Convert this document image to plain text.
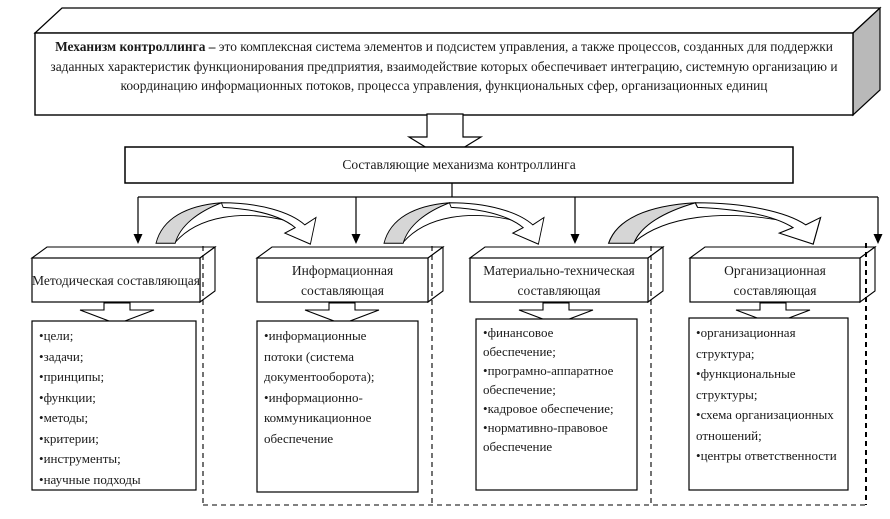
Механизм контроллинга – это комплексная система элементов и подсистем управления, а также процессов, созданных для поддержки заданных характеристик функционирования предприятия, взаимодействие которых обеспечивает интеграцию, системную организацию и координацию информационных потоков, процесса управления, функциональных сфер, организационных единиц
Составляющие механизма контроллинга
Методическая составляющая
Информационная составляющая
Материально-техническая составляющая
Организационная составляющая
• цели;
• задачи;
• принципы;
• функции;
• методы;
• критерии;
• инструменты;
• научные подходы
• информационные потоки (система документооборота);
• информационно-коммуникационное обеспечение
• финансовое обеспечение;
• програмно-аппаратное обеспечение;
• кадровое обеспечение;
• нормативно-правовое обеспечение
• организационная структура;
• функциональные структуры;
• схема организационных отношений;
• центры ответственности
